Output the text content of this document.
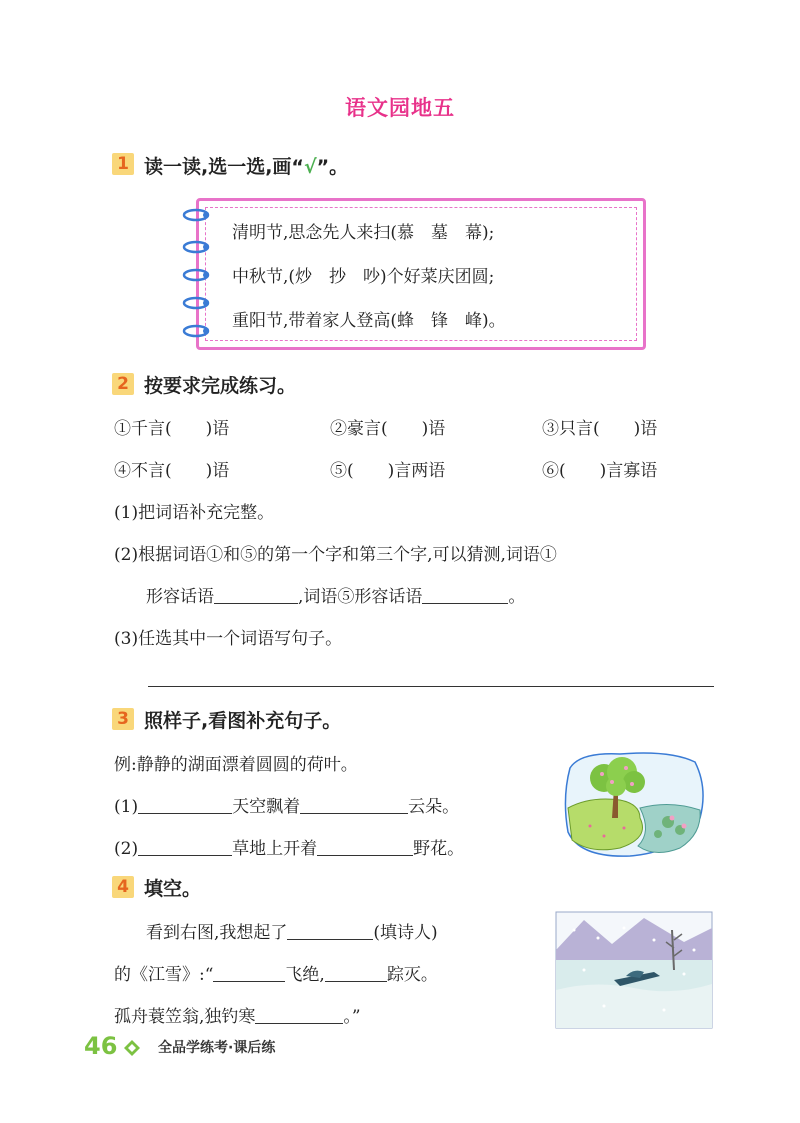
语文园地五
1 读一读,选一选,画“√”。
清明节,思念先人来扫(慕　墓　幕);
中秋节,(炒　抄　吵)个好菜庆团圆;
重阳节,带着家人登高(蜂　锋　峰)。
2 按要求完成练习。
①千言(　　)语	②豪言(　　)语	③只言(　　)语
④不言(　　)语	⑤(　　)言两语	⑥(　　)言寡语
(1)把词语补充完整。
(2)根据词语①和⑤的第一个字和第三个字,可以猜测,词语①
形容话语	,词语⑤形容话语	。
(3)任选其中一个词语写句子。
3 照样子,看图补充句子。
例:静静的湖面漂着圆圆的荷叶。
(1)	天空飘着	云朵。
(2)	草地上开着	野花。
4 填空。
看到右图,我想起了	(填诗人)
的《江雪》:“	飞绝,	踪灭。
孤舟蓑笠翁,独钓寒	。”
46	全品学练考·课后练
